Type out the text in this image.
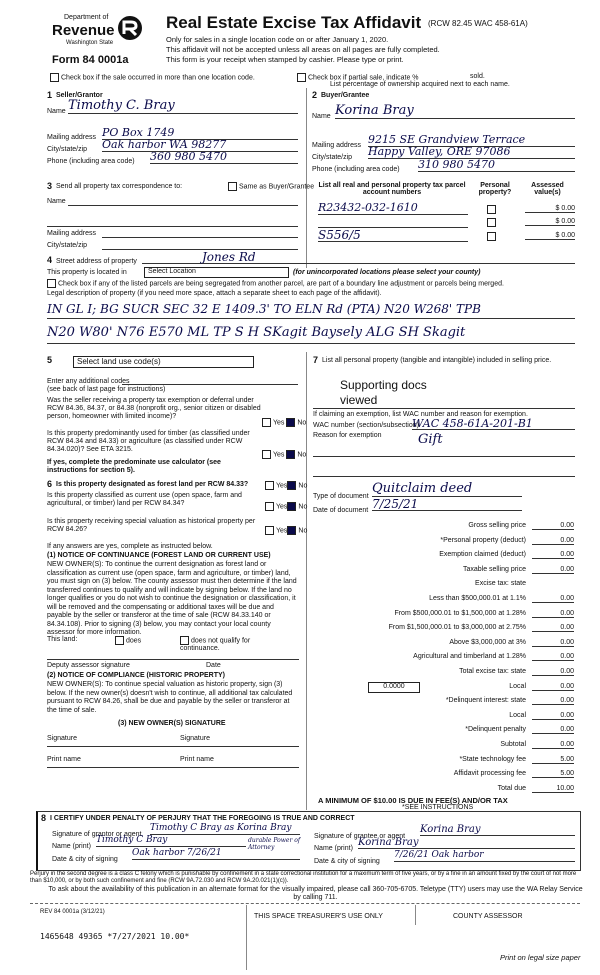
Department of
Revenue
Washington State
Form 84 0001a
Real Estate Excise Tax Affidavit (RCW 82.45 WAC 458-61A)
Only for sales in a single location code on or after January 1, 2020.
This affidavit will not be accepted unless all areas on all pages are fully completed.
This form is your receipt when stamped by cashier. Please type or print.
Check box if the sale occurred in more than one location code.	Check box if partial sale, indicate %	sold.
List percentage of ownership acquired next to each name.
1 Seller/Grantor
Name Timothy C. Bray
Mailing address PO Box 1749
City/state/zip Oak harbor WA 98277
Phone (including area code) 360 980 5470
2 Buyer/Grantee
Name Korina Bray
Mailing address 9215 SE Grandview Terrace
City/state/zip Happy Valley, ORE 97086
Phone (including area code) 310 980 5470
3 Send all property tax correspondence to:	Same as Buyer/Grantee
Name
Mailing address
City/state/zip
List all real and personal property tax parcel account numbers
Personal property?
Assessed value(s)
R23432-032-1610	$ 0.00
$ 0.00
S556/5	$ 0.00
4 Street address of property	Jones Rd
This property is located in	Select Location	(for unincorporated locations please select your county)
Check box if any of the listed parcels are being segregated from another parcel, are part of a boundary line adjustment or parcels being merged.
Legal description of property (if you need more space, attach a separate sheet to each page of the affidavit).
IN GL I; BG SUCR SEC 32 E 1409.3' TO ELN Rd (PTA) N20 W268' TPB
N20 W80' N76 E570 ML TP S H SKagit Baysely ALG SH Skagit
5	Select land use code(s)
Enter any additional codes
(see back of last page for instructions)
Was the seller receiving a property tax exemption or deferral under RCW 84.36, 84.37, or 84.38 (nonprofit org., senior citizen or disabled person, homeowner with limited income)?
Yes No
Is this property predominantly used for timber (as classified under RCW 84.34 and 84.33) or agriculture (as classified under RCW 84.34.020)? See ETA 3215.
Yes No
If yes, complete the predominate use calculator (see instructions for section 5).
6 Is this property designated as forest land per RCW 84.33?	Yes No
Is this property classified as current use (open space, farm and agricultural, or timber) land per RCW 84.34?	Yes No
Is this property receiving special valuation as historical property per RCW 84.26?	Yes No
If any answers are yes, complete as instructed below.
(1) NOTICE OF CONTINUANCE (FOREST LAND OR CURRENT USE)
NEW OWNER(S): To continue the current designation as forest land or classification as current use (open space, farm and agriculture, or timber) land, you must sign on (3) below. The county assessor must then determine if the land transferred continues to qualify and will indicate by signing below. If the land no longer qualifies or you do not wish to continue the designation or classification, it will be removed and the compensating or additional taxes will be due and payable by the seller or transferor at the time of sale (RCW 84.33.140 or 84.34.108). Prior to signing (3) below, you may contact your local county assessor for more information.
This land:	does	does not qualify for continuance.
Deputy assessor signature	Date
(2) NOTICE OF COMPLIANCE (HISTORIC PROPERTY)
NEW OWNER(S): To continue special valuation as historic property, sign (3) below. If the new owner(s) doesn't wish to continue, all additional tax calculated pursuant to RCW 84.26, shall be due and payable by the seller or transferor at the time of sale.
(3) NEW OWNER(S) SIGNATURE
Signature	Signature
Print name	Print name
7 List all personal property (tangible and intangible) included in selling price.
Supporting docs viewed
If claiming an exemption, list WAC number and reason for exemption.
WAC number (section/subsection)
WAC 458-61A-201-B1
Reason for exemption	Gift
Type of document
Quitclaim deed
Date of document 7/25/21
Gross selling price	0.00
*Personal property (deduct)	0.00
Exemption claimed (deduct)	0.00
Taxable selling price	0.00
Excise tax: state
Less than $500,000.01 at 1.1%	0.00
From $500,000.01 to $1,500,000 at 1.28%	0.00
From $1,500,000.01 to $3,000,000 at 2.75%	0.00
Above $3,000,000 at 3%	0.00
Agricultural and timberland at 1.28%	0.00
Total excise tax: state	0.00
Local	0.00
0.0000
*Delinquent interest: state	0.00
Local	0.00
*Delinquent penalty	0.00
Subtotal	0.00
*State technology fee	5.00
Affidavit processing fee	5.00
Total due	10.00
A MINIMUM OF $10.00 IS DUE IN FEE(S) AND/OR TAX
*SEE INSTRUCTIONS
8 I CERTIFY UNDER PENALTY OF PERJURY THAT THE FOREGOING IS TRUE AND CORRECT
Signature of grantor or agent
Timothy C Bray as Korina Bray
Name (print)
Timothy C Bray	durable Power of Attorney
Date & city of signing
Oak harbor 7/26/21
Signature of grantee or agent
Korina Bray
Name (print)
Korina Bray
Date & city of signing
7/26/21 Oak harbor
Perjury in the second degree is a class C felony which is punishable by confinement in a state correctional institution for a maximum term of five years, or by a fine in an amount fixed by the court of not more than $10,000, or by both such confinement and fine (RCW 9A.72.030 and RCW 9A.20.021(1)(c)).
To ask about the availability of this publication in an alternate format for the visually impaired, please call 360-705-6705. Teletype (TTY) users may use the WA Relay Service by calling 711.
REV 84 0001a (3/12/21)
THIS SPACE TREASURER'S USE ONLY	COUNTY ASSESSOR
1465648 49365 *7/27/2021 10.00*
Print on legal size paper
